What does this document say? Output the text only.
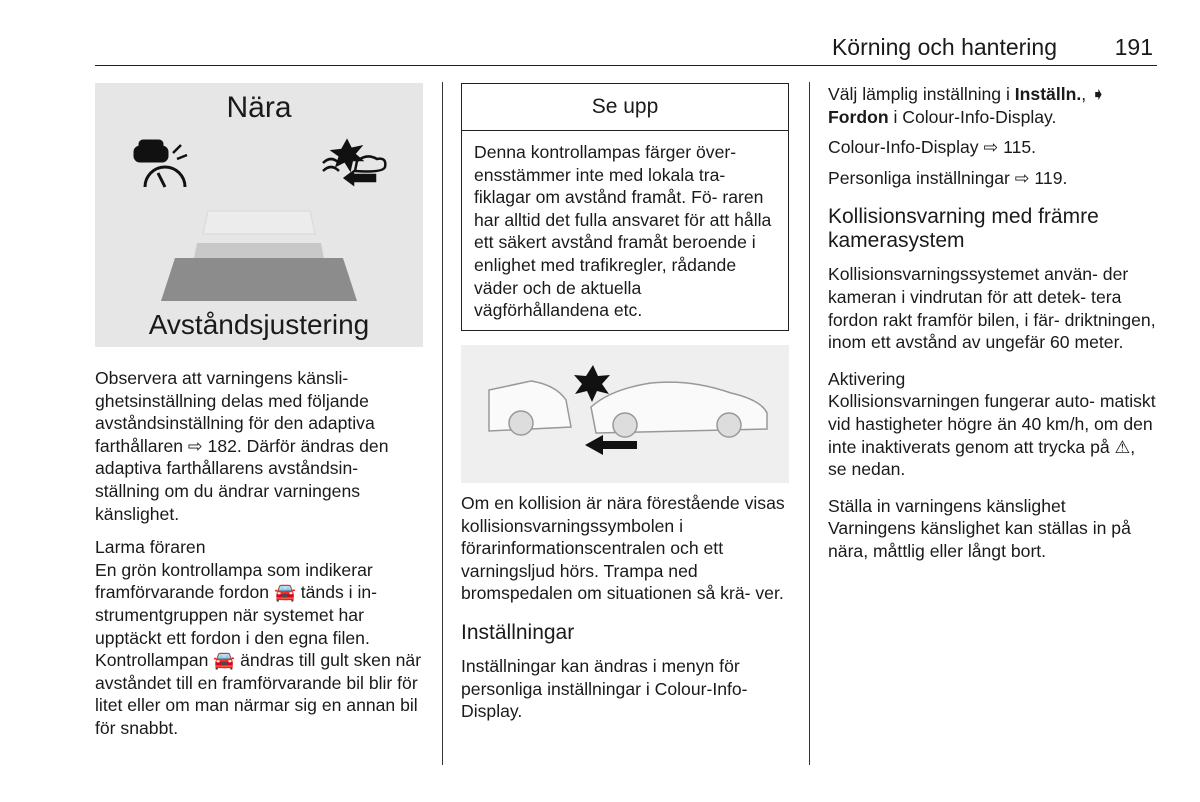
Körning och hantering	191
Nära
Avståndsjustering

Observera att varningens känsli- ghetsinställning delas med följande avståndsinställning för den adaptiva farthållaren ⇨ 182. Därför ändras den adaptiva farthållarens avståndsin- ställning om du ändrar varningens känslighet.

Larma föraren

En grön kontrollampa som indikerar framförvarande fordon 🚘 tänds i in- strumentgruppen när systemet har upptäckt ett fordon i den egna filen. Kontrollampan 🚘 ändras till gult sken när avståndet till en framförvarande bil blir för litet eller om man närmar sig en annan bil för snabbt.

Se upp

Denna kontrollampas färger över- ensstämmer inte med lokala tra- fiklagar om avstånd framåt. Fö- raren har alltid det fulla ansvaret för att hålla ett säkert avstånd framåt beroende i enlighet med trafikregler, rådande väder och de aktuella vägförhållandena etc.

Om en kollision är nära förestående visas kollisionsvarningssymbolen i förarinformationscentralen och ett varningsljud hörs. Trampa ned bromspedalen om situationen så krä- ver.

Inställningar

Inställningar kan ändras i menyn för personliga inställningar i Colour-Info- Display.

Välj lämplig inställning i Inställn., ➧
Fordon i Colour-Info-Display.

Colour-Info-Display ⇨ 115.

Personliga inställningar ⇨ 119.

Kollisionsvarning med främre kamerasystem

Kollisionsvarningssystemet använ- der kameran i vindrutan för att detek- tera fordon rakt framför bilen, i fär- driktningen, inom ett avstånd av ungefär 60 meter.

Aktivering

Kollisionsvarningen fungerar auto- matiskt vid hastigheter högre än 40 km/h, om den inte inaktiverats genom att trycka på ⚠, se nedan.

Ställa in varningens känslighet

Varningens känslighet kan ställas in på nära, måttlig eller långt bort.
